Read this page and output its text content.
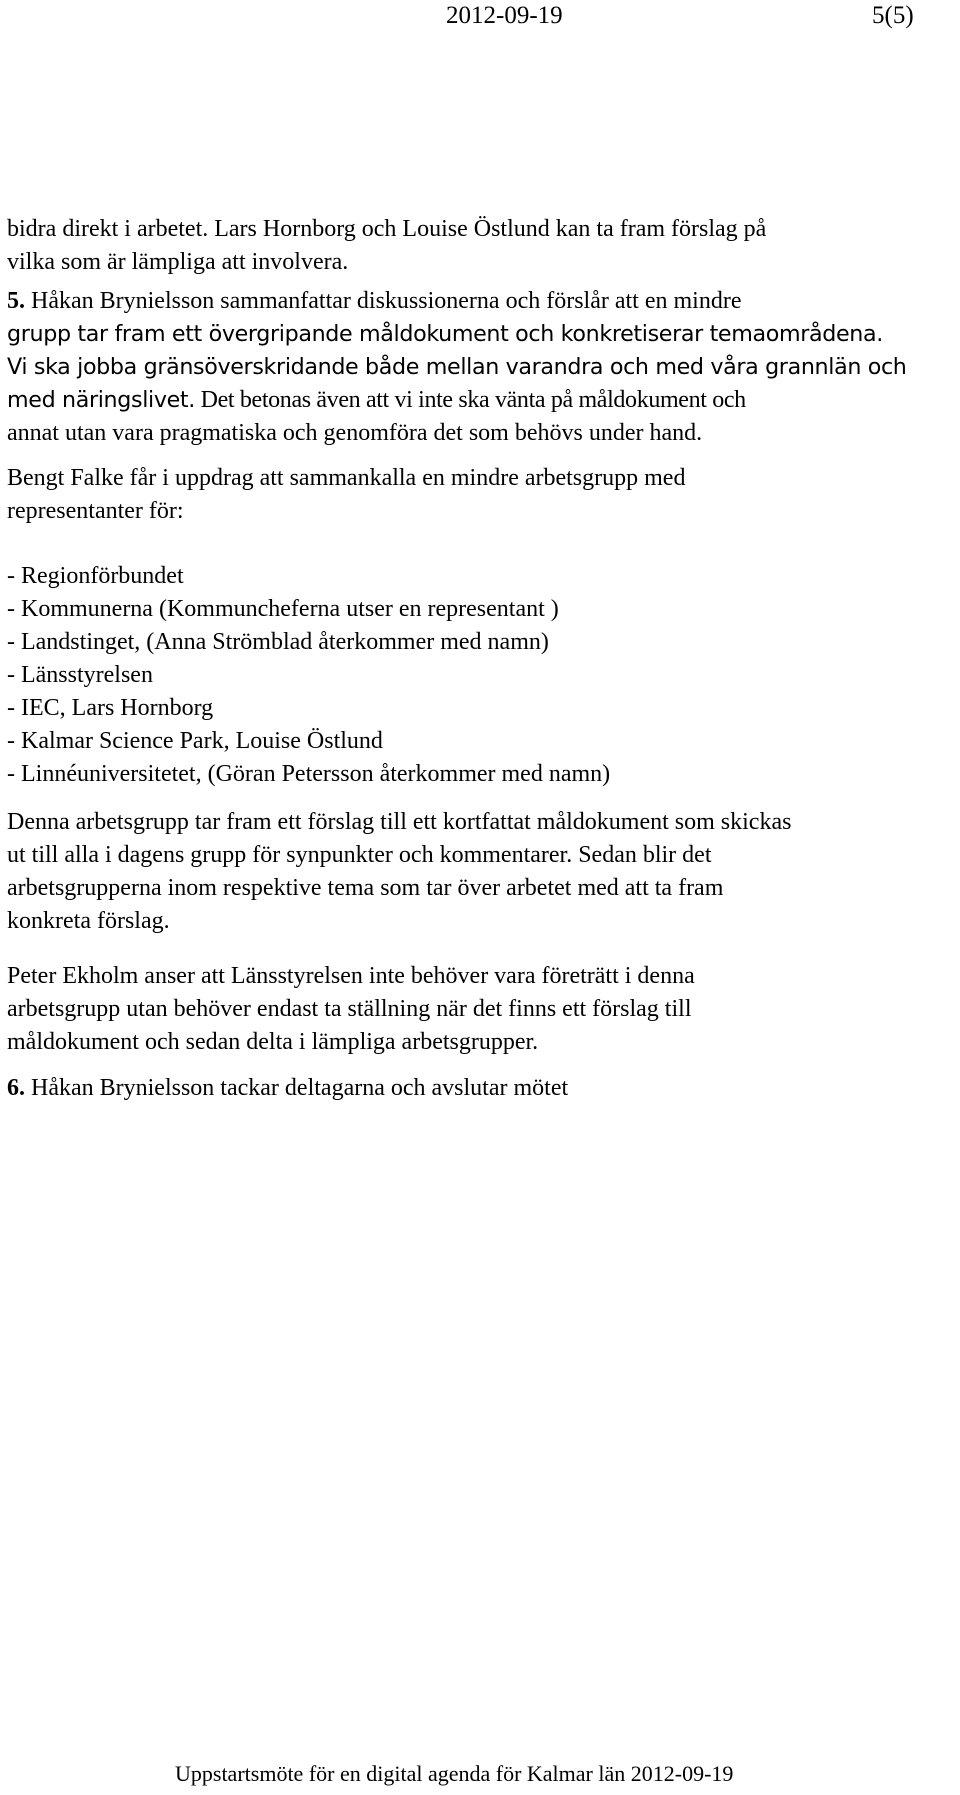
2012-09-19	5(5)

bidra direkt i arbetet. Lars Hornborg och Louise Östlund kan ta fram förslag på

vilka som är lämpliga att involvera.

5. Håkan Brynielsson sammanfattar diskussionerna och förslår att en mindre

grupp tar fram ett övergripande måldokument och konkretiserar temaområdena.

Vi ska jobba gränsöverskridande både mellan varandra och med våra grannlän och

med näringslivet. Det betonas även att vi inte ska vänta på måldokument och

annat utan vara pragmatiska och genomföra det som behövs under hand.

Bengt Falke får i uppdrag att sammankalla en mindre arbetsgrupp med

representanter för:

- Regionförbundet

- Kommunerna (Kommuncheferna utser en representant )

- Landstinget, (Anna Strömblad återkommer med namn)

- Länsstyrelsen

- IEC, Lars Hornborg

- Kalmar Science Park, Louise Östlund

- Linnéuniversitetet, (Göran Petersson återkommer med namn)

Denna arbetsgrupp tar fram ett förslag till ett kortfattat måldokument som skickas

ut till alla i dagens grupp för synpunkter och kommentarer. Sedan blir det

arbetsgrupperna inom respektive tema som tar över arbetet med att ta fram

konkreta förslag.

Peter Ekholm anser att Länsstyrelsen inte behöver vara företrätt i denna

arbetsgrupp utan behöver endast ta ställning när det finns ett förslag till

måldokument och sedan delta i lämpliga arbetsgrupper.

6. Håkan Brynielsson tackar deltagarna och avslutar mötet

Uppstartsmöte för en digital agenda för Kalmar län 2012-09-19
